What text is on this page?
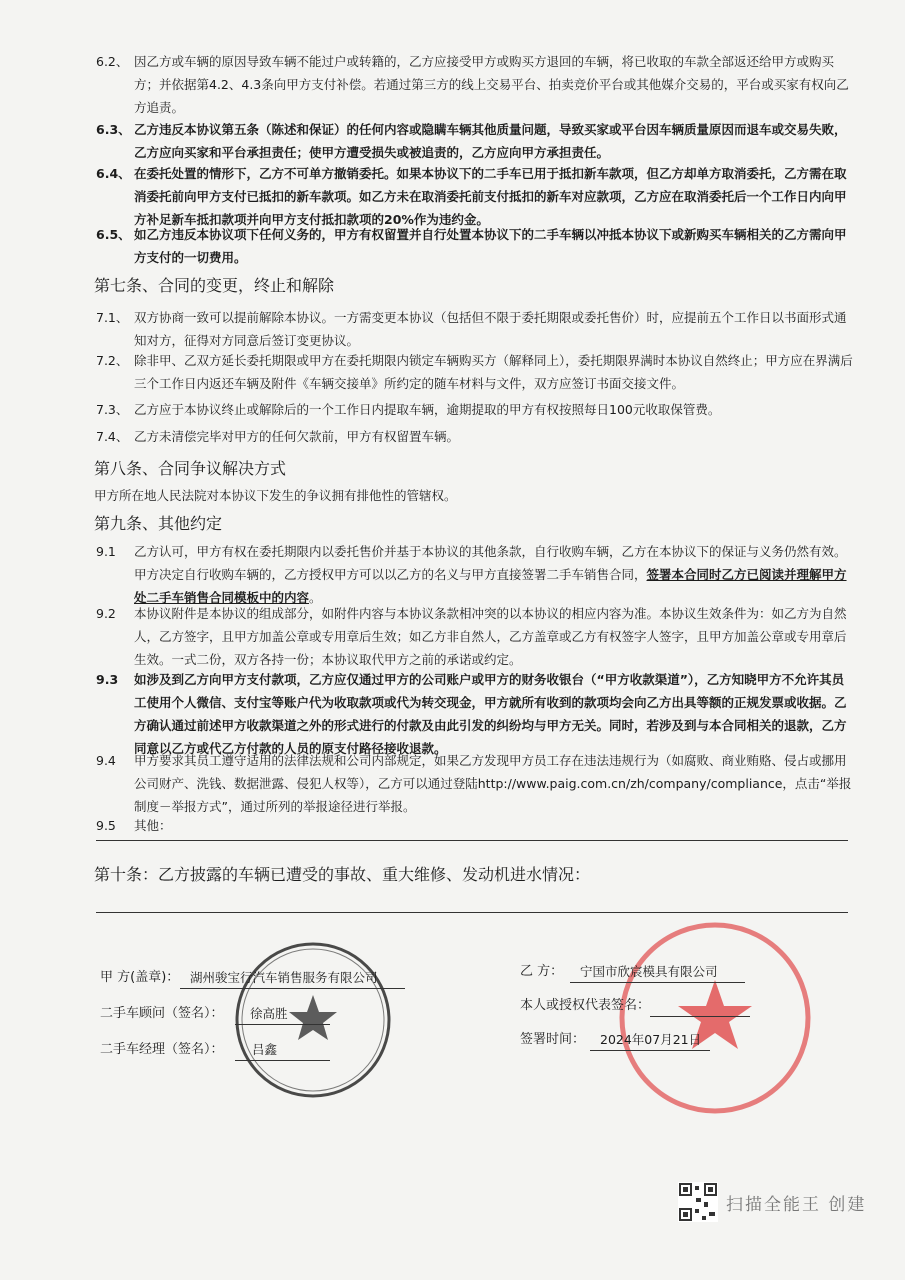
6.2、 因乙方或车辆的原因导致车辆不能过户或转籍的，乙方应接受甲方或购买方退回的车辆，将已收取的车款全部返还给甲方或购买方；并依据第4.2、4.3条向甲方支付补偿。若通过第三方的线上交易平台、拍卖竞价平台或其他媒介交易的，平台或买家有权向乙方追责。
6.3、 乙方违反本协议第五条（陈述和保证）的任何内容或隐瞒车辆其他质量问题，导致买家或平台因车辆质量原因而退车或交易失败，乙方应向买家和平台承担责任；使甲方遭受损失或被追责的，乙方应向甲方承担责任。
6.4、 在委托处置的情形下，乙方不可单方撤销委托。如果本协议下的二手车已用于抵扣新车款项，但乙方却单方取消委托，乙方需在取消委托前向甲方支付已抵扣的新车款项。如乙方未在取消委托前支付抵扣的新车对应款项，乙方应在取消委托后一个工作日内向甲方补足新车抵扣款项并向甲方支付抵扣款项的20%作为违约金。
6.5、 如乙方违反本协议项下任何义务的，甲方有权留置并自行处置本协议下的二手车辆以冲抵本协议下或新购买车辆相关的乙方需向甲方支付的一切费用。
第七条、合同的变更，终止和解除
7.1、 双方协商一致可以提前解除本协议。一方需变更本协议（包括但不限于委托期限或委托售价）时，应提前五个工作日以书面形式通知对方，征得对方同意后签订变更协议。
7.2、 除非甲、乙双方延长委托期限或甲方在委托期限内锁定车辆购买方（解释同上），委托期限界满时本协议自然终止；甲方应在界满后三个工作日内返还车辆及附件《车辆交接单》所约定的随车材料与文件，双方应签订书面交接文件。
7.3、 乙方应于本协议终止或解除后的一个工作日内提取车辆，逾期提取的甲方有权按照每日100元收取保管费。
7.4、 乙方未清偿完毕对甲方的任何欠款前，甲方有权留置车辆。
第八条、合同争议解决方式
甲方所在地人民法院对本协议下发生的争议拥有排他性的管辖权。
第九条、其他约定
9.1	乙方认可，甲方有权在委托期限内以委托售价并基于本协议的其他条款，自行收购车辆，乙方在本协议下的保证与义务仍然有效。甲方决定自行收购车辆的，乙方授权甲方可以以乙方的名义与甲方直接签署二手车销售合同，签署本合同时乙方已阅读并理解甲方处二手车销售合同模板中的内容。
9.2	本协议附件是本协议的组成部分，如附件内容与本协议条款相冲突的以本协议的相应内容为准。本协议生效条件为：如乙方为自然人，乙方签字，且甲方加盖公章或专用章后生效；如乙方非自然人，乙方盖章或乙方有权签字人签字，且甲方加盖公章或专用章后生效。一式二份，双方各持一份；本协议取代甲方之前的承诺或约定。
9.3	如涉及到乙方向甲方支付款项，乙方应仅通过甲方的公司账户或甲方的财务收银台（“甲方收款渠道”），乙方知晓甲方不允许其员工使用个人微信、支付宝等账户代为收取款项或代为转交现金，甲方就所有收到的款项均会向乙方出具等额的正规发票或收据。乙方确认通过前述甲方收款渠道之外的形式进行的付款及由此引发的纠纷均与甲方无关。同时，若涉及到与本合同相关的退款，乙方同意以乙方或代乙方付款的人员的原支付路径接收退款。
9.4	甲方要求其员工遵守适用的法律法规和公司内部规定，如果乙方发现甲方员工存在违法违规行为（如腐败、商业贿赂、侵占或挪用公司财产、洗钱、数据泄露、侵犯人权等），乙方可以通过登陆http://www.paig.com.cn/zh/company/compliance，点击“举报制度－举报方式”，通过所列的举报途径进行举报。
9.5	其他：
第十条：乙方披露的车辆已遭受的事故、重大维修、发动机进水情况：
甲 方(盖章)： 湖州骏宝行汽车销售服务有限公司
二手车顾问（签名）： 徐高胜
二手车经理（签名）： 吕鑫
乙 方： 宁国市欣宸模具有限公司
本人或授权代表签名：
签署时间： 2024年07月21日
扫描全能王 创建
